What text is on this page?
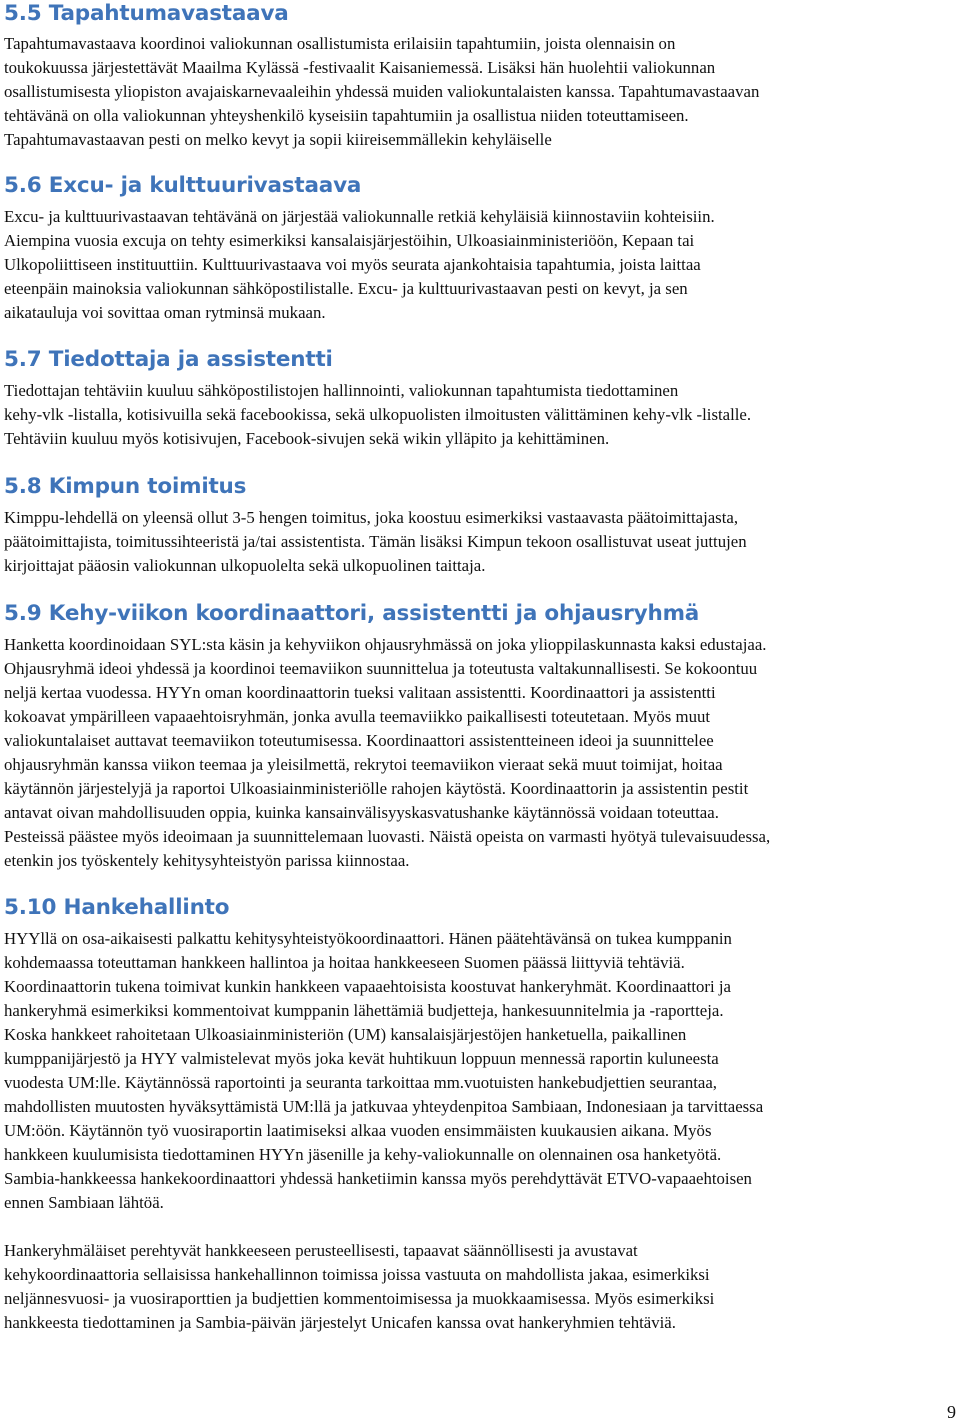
5.5 Tapahtumavastaava

Tapahtumavastaava koordinoi valiokunnan osallistumista erilaisiin tapahtumiin, joista olennaisin on
toukokuussa järjestettävät Maailma Kylässä -festivaalit Kaisaniemessä. Lisäksi hän huolehtii valiokunnan
osallistumisesta yliopiston avajaiskarnevaaleihin yhdessä muiden valiokuntalaisten kanssa. Tapahtumavastaavan
tehtävänä on olla valiokunnan yhteyshenkilö kyseisiin tapahtumiin ja osallistua niiden toteuttamiseen.
Tapahtumavastaavan pesti on melko kevyt ja sopii kiireisemmällekin kehyläiselle

5.6 Excu- ja kulttuurivastaava

Excu- ja kulttuurivastaavan tehtävänä on järjestää valiokunnalle retkiä kehyläisiä kiinnostaviin kohteisiin.
Aiempina vuosia excuja on tehty esimerkiksi kansalaisjärjestöihin, Ulkoasiainministeriöön, Kepaan tai
Ulkopoliittiseen instituuttiin. Kulttuurivastaava voi myös seurata ajankohtaisia tapahtumia, joista laittaa
eteenpäin mainoksia valiokunnan sähköpostilistalle. Excu- ja kulttuurivastaavan pesti on kevyt, ja sen
aikatauluja voi sovittaa oman rytminsä mukaan.

5.7 Tiedottaja ja assistentti

Tiedottajan tehtäviin kuuluu sähköpostilistojen hallinnointi, valiokunnan tapahtumista tiedottaminen
kehy-vlk -listalla, kotisivuilla sekä facebookissa, sekä ulkopuolisten ilmoitusten välittäminen kehy-vlk -listalle.
Tehtäviin kuuluu myös kotisivujen, Facebook-sivujen sekä wikin ylläpito ja kehittäminen.

5.8 Kimpun toimitus

Kimppu-lehdellä on yleensä ollut 3-5 hengen toimitus, joka koostuu esimerkiksi vastaavasta päätoimittajasta,
päätoimittajista, toimitussihteeristä ja/tai assistentista. Tämän lisäksi Kimpun tekoon osallistuvat useat juttujen
kirjoittajat pääosin valiokunnan ulkopuolelta sekä ulkopuolinen taittaja.

5.9 Kehy-viikon koordinaattori, assistentti ja ohjausryhmä

Hanketta koordinoidaan SYL:sta käsin ja kehyviikon ohjausryhmässä on joka ylioppilaskunnasta kaksi edustajaa.
Ohjausryhmä ideoi yhdessä ja koordinoi teemaviikon suunnittelua ja toteutusta valtakunnallisesti. Se kokoontuu
neljä kertaa vuodessa. HYYn oman koordinaattorin tueksi valitaan assistentti. Koordinaattori ja assistentti
kokoavat ympärilleen vapaaehtoisryhmän, jonka avulla teemaviikko paikallisesti toteutetaan. Myös muut
valiokuntalaiset auttavat teemaviikon toteutumisessa. Koordinaattori assistentteineen ideoi ja suunnittelee
ohjausryhmän kanssa viikon teemaa ja yleisilmettä, rekrytoi teemaviikon vieraat sekä muut toimijat, hoitaa
käytännön järjestelyjä ja raportoi Ulkoasiainministeriölle rahojen käytöstä. Koordinaattorin ja assistentin pestit
antavat oivan mahdollisuuden oppia, kuinka kansainvälisyyskasvatushanke käytännössä voidaan toteuttaa.
Pesteissä päästee myös ideoimaan ja suunnittelemaan luovasti. Näistä opeista on varmasti hyötyä tulevaisuudessa,
etenkin jos työskentely kehitysyhteistyön parissa kiinnostaa.

5.10 Hankehallinto

HYYllä on osa-aikaisesti palkattu kehitysyhteistyökoordinaattori. Hänen päätehtävänsä on tukea kumppanin
kohdemaassa toteuttaman hankkeen hallintoa ja hoitaa hankkeeseen Suomen päässä liittyviä tehtäviä.
Koordinaattorin tukena toimivat kunkin hankkeen vapaaehtoisista koostuvat hankeryhmät. Koordinaattori ja
hankeryhmä esimerkiksi kommentoivat kumppanin lähettämiä budjetteja, hankesuunnitelmia ja -raportteja.
Koska hankkeet rahoitetaan Ulkoasiainministeriön (UM) kansalaisjärjestöjen hanketuella, paikallinen
kumppanijärjestö ja HYY valmistelevat myös joka kevät huhtikuun loppuun mennessä raportin kuluneesta
vuodesta UM:lle. Käytännössä raportointi ja seuranta tarkoittaa mm.vuotuisten hankebudjettien seurantaa,
mahdollisten muutosten hyväksyttämistä UM:llä ja jatkuvaa yhteydenpitoa Sambiaan, Indonesiaan ja tarvittaessa
UM:öön. Käytännön työ vuosiraportin laatimiseksi alkaa vuoden ensimmäisten kuukausien aikana. Myös
hankkeen kuulumisista tiedottaminen HYYn jäsenille ja kehy-valiokunnalle on olennainen osa hanketyötä.
Sambia-hankkeessa hankekoordinaattori yhdessä hanketiimin kanssa myös perehdyttävät ETVO-vapaaehtoisen
ennen Sambiaan lähtöä.

Hankeryhmäläiset perehtyvät hankkeeseen perusteellisesti, tapaavat säännöllisesti ja avustavat
kehykoordinaattoria sellaisissa hankehallinnon toimissa joissa vastuuta on mahdollista jakaa, esimerkiksi
neljännesvuosi- ja vuosiraporttien ja budjettien kommentoimisessa ja muokkaamisessa. Myös esimerkiksi
hankkeesta tiedottaminen ja Sambia-päivän järjestelyt Unicafen kanssa ovat hankeryhmien tehtäviä.

9
